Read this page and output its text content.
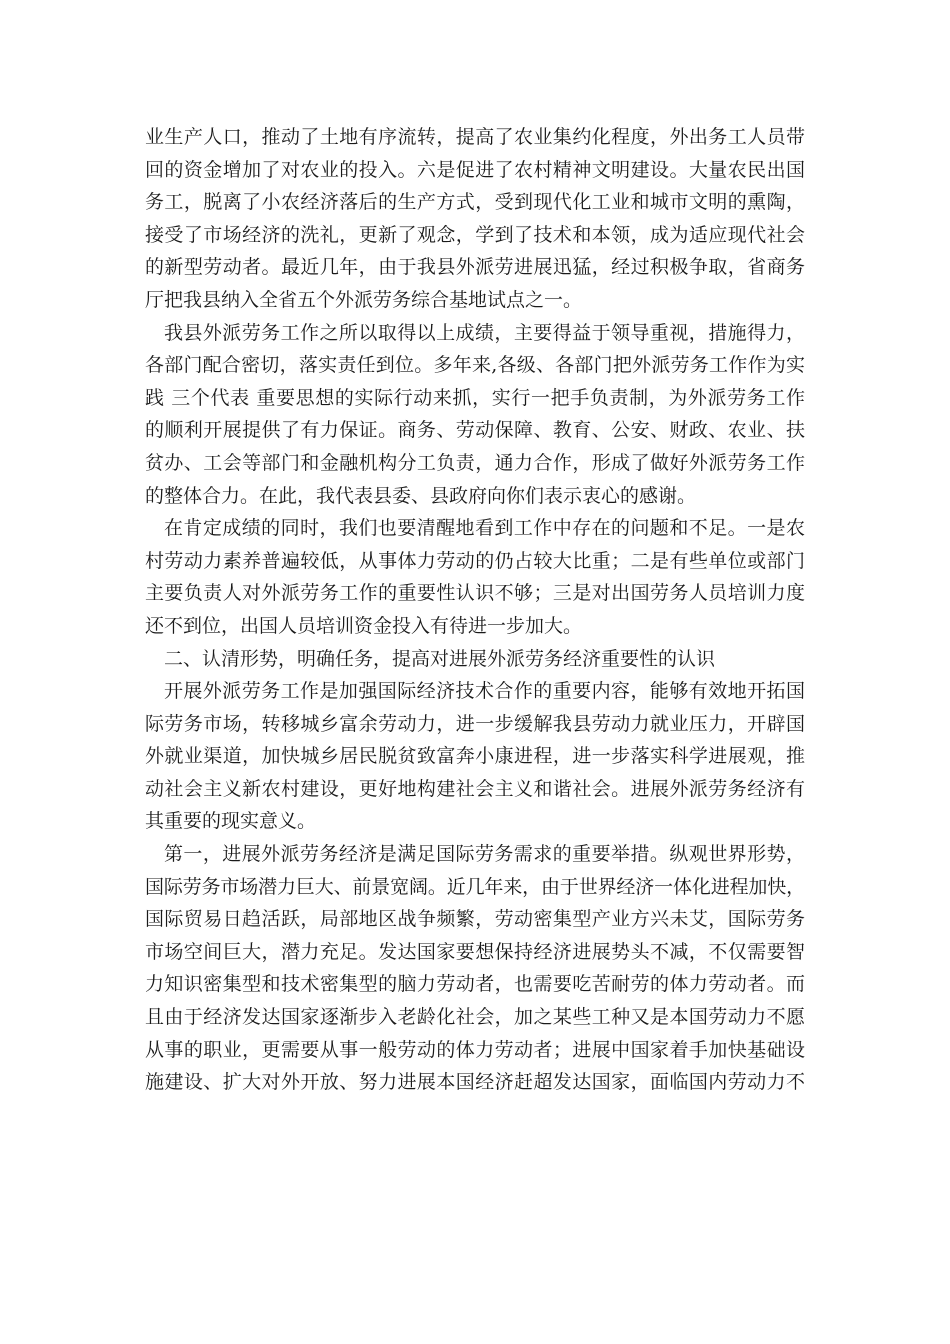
业生产人口，推动了土地有序流转，提高了农业集约化程度，外出务工人员带
回的资金增加了对农业的投入。六是促进了农村精神文明建设。大量农民出国
务工，脱离了小农经济落后的生产方式，受到现代化工业和城市文明的熏陶，
接受了市场经济的洗礼，更新了观念，学到了技术和本领，成为适应现代社会
的新型劳动者。最近几年，由于我县外派劳进展迅猛，经过积极争取，省商务
厅把我县纳入全省五个外派劳务综合基地试点之一。
我县外派劳务工作之所以取得以上成绩，主要得益于领导重视，措施得力，
各部门配合密切，落实责任到位。多年来,各级、各部门把外派劳务工作作为实
践 三个代表 重要思想的实际行动来抓，实行一把手负责制，为外派劳务工作
的顺利开展提供了有力保证。商务、劳动保障、教育、公安、财政、农业、扶
贫办、工会等部门和金融机构分工负责，通力合作，形成了做好外派劳务工作
的整体合力。在此，我代表县委、县政府向你们表示衷心的感谢。
在肯定成绩的同时，我们也要清醒地看到工作中存在的问题和不足。一是农
村劳动力素养普遍较低，从事体力劳动的仍占较大比重；二是有些单位或部门
主要负责人对外派劳务工作的重要性认识不够；三是对出国劳务人员培训力度
还不到位，出国人员培训资金投入有待进一步加大。
二、认清形势，明确任务，提高对进展外派劳务经济重要性的认识
开展外派劳务工作是加强国际经济技术合作的重要内容，能够有效地开拓国
际劳务市场，转移城乡富余劳动力，进一步缓解我县劳动力就业压力，开辟国
外就业渠道，加快城乡居民脱贫致富奔小康进程，进一步落实科学进展观，推
动社会主义新农村建设，更好地构建社会主义和谐社会。进展外派劳务经济有
其重要的现实意义。
第一，进展外派劳务经济是满足国际劳务需求的重要举措。纵观世界形势，
国际劳务市场潜力巨大、前景宽阔。近几年来，由于世界经济一体化进程加快，
国际贸易日趋活跃，局部地区战争频繁，劳动密集型产业方兴未艾，国际劳务
市场空间巨大，潜力充足。发达国家要想保持经济进展势头不减，不仅需要智
力知识密集型和技术密集型的脑力劳动者，也需要吃苦耐劳的体力劳动者。而
且由于经济发达国家逐渐步入老龄化社会，加之某些工种又是本国劳动力不愿
从事的职业，更需要从事一般劳动的体力劳动者；进展中国家着手加快基础设
施建设、扩大对外开放、努力进展本国经济赶超发达国家，面临国内劳动力不
